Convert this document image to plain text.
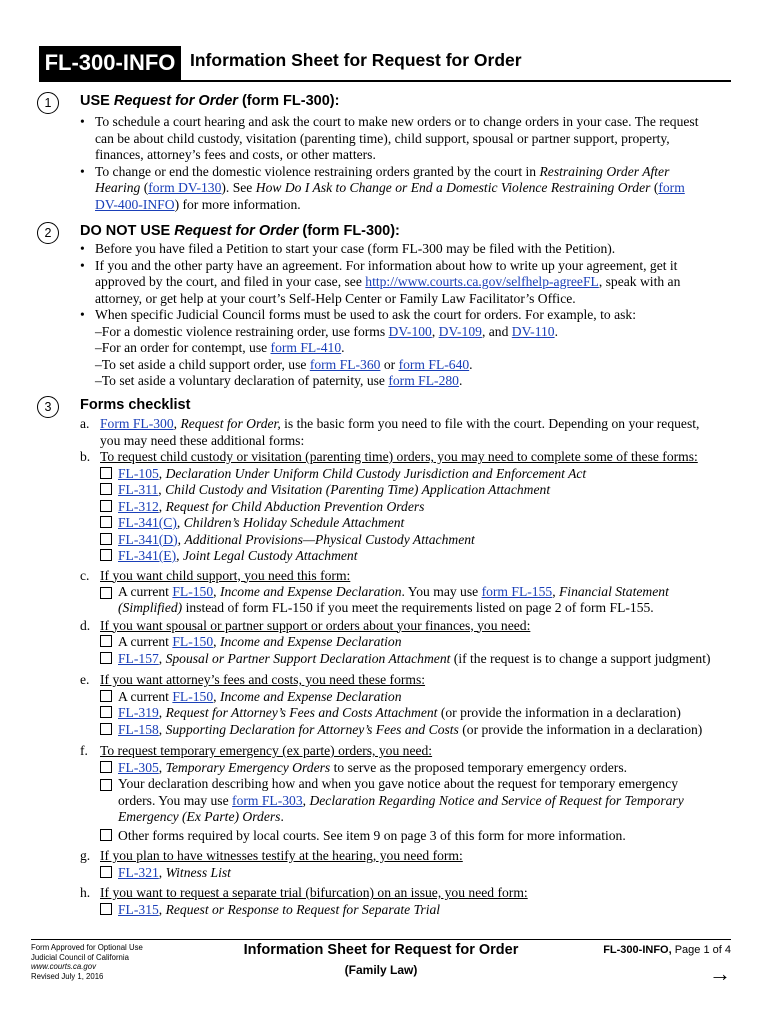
FL-300-INFO Information Sheet for Request for Order
1	USE Request for Order (form FL-300):
• To schedule a court hearing and ask the court to make new orders or to change orders in your case. The request
can be about child custody, visitation (parenting time), child support, spousal or partner support, property,
finances, attorney’s fees and costs, or other matters.
• To change or end the domestic violence restraining orders granted by the court in Restraining Order After
Hearing (form DV-130). See How Do I Ask to Change or End a Domestic Violence Restraining Order (form
DV-400-INFO) for more information.
2	DO NOT USE Request for Order (form FL-300):
• Before you have filed a Petition to start your case (form FL-300 may be filed with the Petition).
• If you and the other party have an agreement. For information about how to write up your agreement, get it
approved by the court, and filed in your case, see http://www.courts.ca.gov/selfhelp-agreeFL, speak with an
attorney, or get help at your court’s Self-Help Center or Family Law Facilitator’s Office.
• When specific Judicial Council forms must be used to ask the court for orders. For example, to ask:
–For a domestic violence restraining order, use forms DV-100, DV-109, and DV-110.
–For an order for contempt, use form FL-410.
–To set aside a child support order, use form FL-360 or form FL-640.
–To set aside a voluntary declaration of paternity, use form FL-280.
3	Forms checklist
a. Form FL-300, Request for Order, is the basic form you need to file with the court. Depending on your request,
you may need these additional forms:
b. To request child custody or visitation (parenting time) orders, you may need to complete some of these forms:
FL-105, Declaration Under Uniform Child Custody Jurisdiction and Enforcement Act
FL-311, Child Custody and Visitation (Parenting Time) Application Attachment
FL-312, Request for Child Abduction Prevention Orders
FL-341(C), Children’s Holiday Schedule Attachment
FL-341(D), Additional Provisions—Physical Custody Attachment
FL-341(E), Joint Legal Custody Attachment
c. If you want child support, you need this form:
A current FL-150, Income and Expense Declaration. You may use form FL-155, Financial Statement
(Simplified) instead of form FL-150 if you meet the requirements listed on page 2 of form FL-155.
d. If you want spousal or partner support or orders about your finances, you need:
A current FL-150, Income and Expense Declaration
FL-157, Spousal or Partner Support Declaration Attachment (if the request is to change a support judgment)
e. If you want attorney’s fees and costs, you need these forms:
A current FL-150, Income and Expense Declaration
FL-319, Request for Attorney’s Fees and Costs Attachment (or provide the information in a declaration)
FL-158, Supporting Declaration for Attorney’s Fees and Costs (or provide the information in a declaration)
f. To request temporary emergency (ex parte) orders, you need:
FL-305, Temporary Emergency Orders to serve as the proposed temporary emergency orders.
Your declaration describing how and when you gave notice about the request for temporary emergency
orders. You may use form FL-303, Declaration Regarding Notice and Service of Request for Temporary
Emergency (Ex Parte) Orders.
Other forms required by local courts. See item 9 on page 3 of this form for more information.
g. If you plan to have witnesses testify at the hearing, you need form:
FL-321, Witness List
h. If you want to request a separate trial (bifurcation) on an issue, you need form:
FL-315, Request or Response to Request for Separate Trial
Form Approved for Optional Use
Judicial Council of California
www.courts.ca.gov
Revised July 1, 2016
Information Sheet for Request for Order
(Family Law)
FL-300-INFO, Page 1 of 4
→
